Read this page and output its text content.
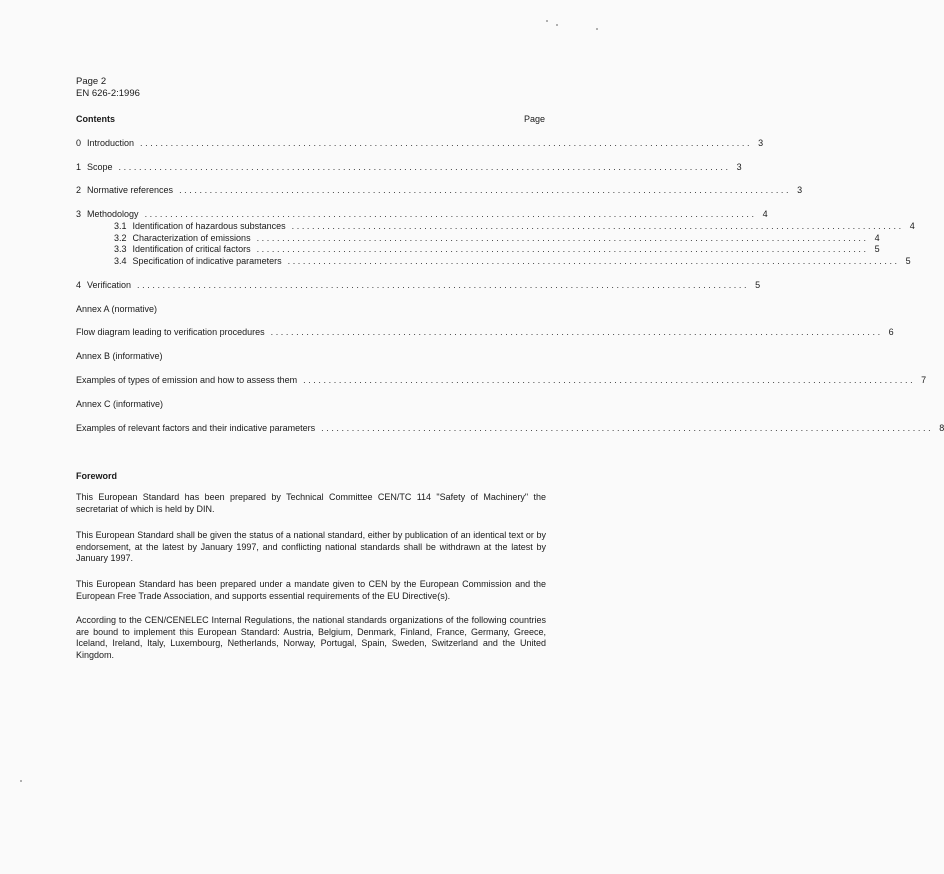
Page 2
EN 626-2:1996
Contents	Page
0 Introduction ........................................................................................................................ 3
1 Scope ........................................................................................................................ 3
2 Normative references ........................................................................................................................ 3
3 Methodology ........................................................................................................................ 4
3.1 Identification of hazardous substances ........................................................................................................................ 4
3.2 Characterization of emissions ........................................................................................................................ 4
3.3 Identification of critical factors ........................................................................................................................ 5
3.4 Specification of indicative parameters ........................................................................................................................ 5
4 Verification ........................................................................................................................ 5
Annex A (normative)
Flow diagram leading to verification procedures ........................................................................................................................ 6
Annex B (informative)
Examples of types of emission and how to assess them ........................................................................................................................ 7
Annex C (informative)
Examples of relevant factors and their indicative parameters ........................................................................................................................ 8
Foreword

This European Standard has been prepared by Technical Committee CEN/TC 114 "Safety of Machinery" the secretariat of which is held by DIN.

This European Standard shall be given the status of a national standard, either by publication of an identical text or by endorsement, at the latest by January 1997, and conflicting national standards shall be withdrawn at the latest by January 1997.

This European Standard has been prepared under a mandate given to CEN by the European Commission and the European Free Trade Association, and supports essential requirements of the EU Directive(s).

According to the CEN/CENELEC Internal Regulations, the national standards organizations of the following countries are bound to implement this European Standard: Austria, Belgium, Denmark, Finland, France, Germany, Greece, Iceland, Ireland, Italy, Luxembourg, Netherlands, Norway, Portugal, Spain, Sweden, Switzerland and the United Kingdom.
